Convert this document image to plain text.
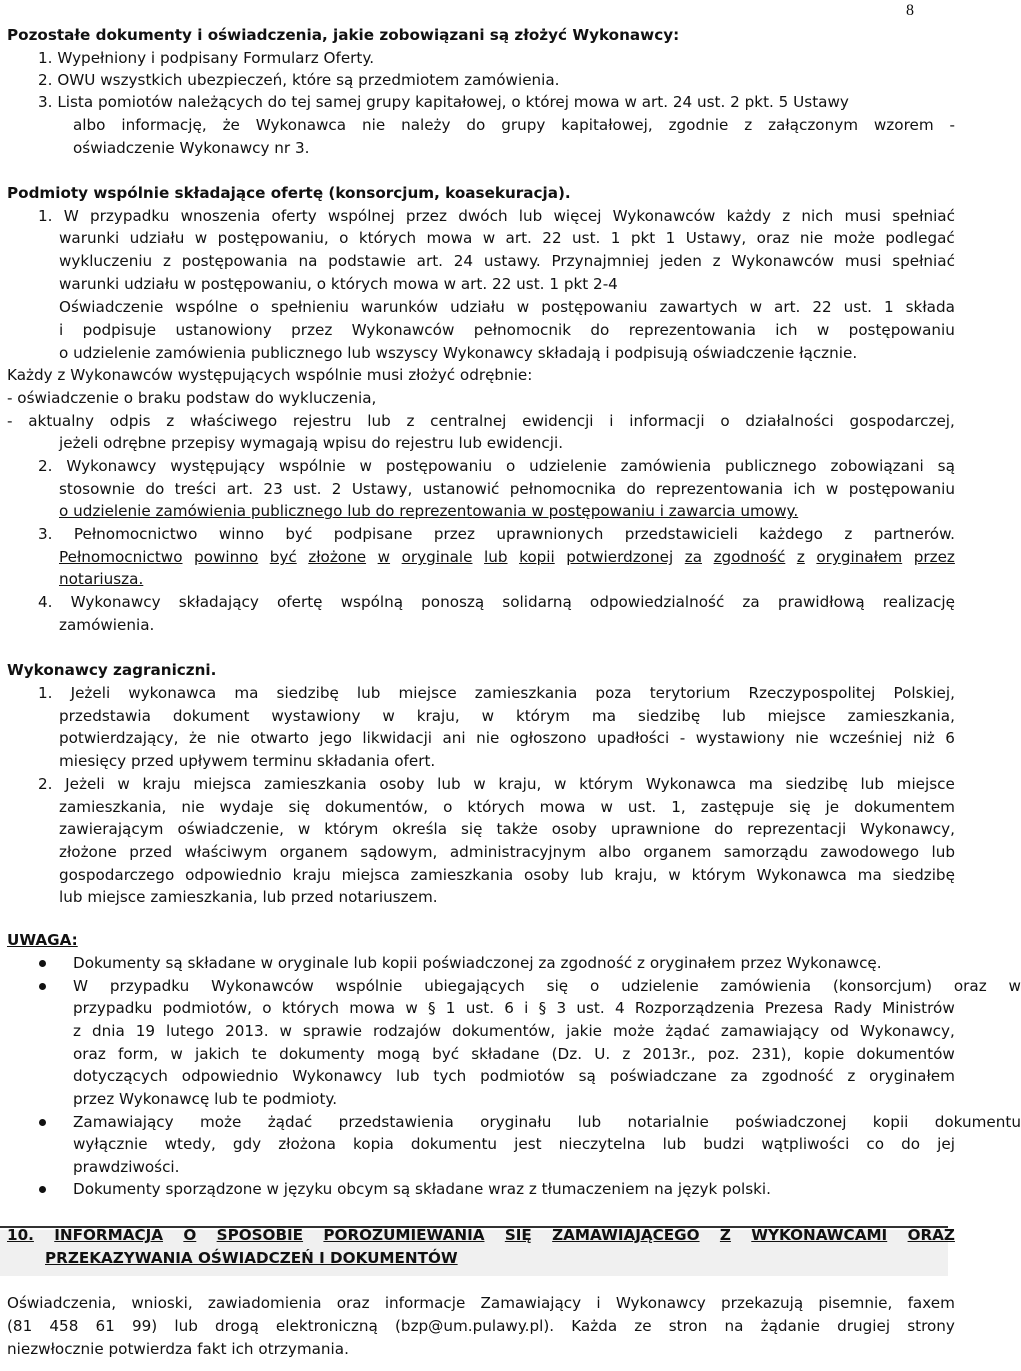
8
Pozostałe dokumenty i oświadczenia, jakie zobowiązani są złożyć Wykonawcy:
1. Wypełniony i podpisany Formularz Oferty.
2. OWU wszystkich ubezpieczeń, które są przedmiotem zamówienia.
3. Lista pomiotów należących do tej samej grupy kapitałowej, o której mowa w art. 24 ust. 2 pkt. 5 Ustawy
albo informację, że Wykonawca nie należy do grupy kapitałowej, zgodnie z załączonym wzorem -
oświadczenie Wykonawcy nr 3.
Podmioty wspólnie składające ofertę (konsorcjum, koasekuracja).
1. W przypadku wnoszenia oferty wspólnej przez dwóch lub więcej Wykonawców każdy z nich musi spełniać
warunki udziału w postępowaniu, o których mowa w art. 22 ust. 1 pkt 1 Ustawy, oraz nie może podlegać
wykluczeniu z postępowania na podstawie art. 24 ustawy. Przynajmniej jeden z Wykonawców musi spełniać
warunki udziału w postępowaniu, o których mowa w art. 22 ust. 1 pkt 2-4
Oświadczenie wspólne o spełnieniu warunków udziału w postępowaniu zawartych w art. 22 ust. 1 składa
i podpisuje ustanowiony przez Wykonawców pełnomocnik do reprezentowania ich w postępowaniu
o udzielenie zamówienia publicznego lub wszyscy Wykonawcy składają i podpisują oświadczenie łącznie.
Każdy z Wykonawców występujących wspólnie musi złożyć odrębnie:
- oświadczenie o braku podstaw do wykluczenia,
- aktualny odpis z właściwego rejestru lub z centralnej ewidencji i informacji o działalności gospodarczej,
jeżeli odrębne przepisy wymagają wpisu do rejestru lub ewidencji.
2. Wykonawcy występujący wspólnie w postępowaniu o udzielenie zamówienia publicznego zobowiązani są
stosownie do treści art. 23 ust. 2 Ustawy, ustanowić pełnomocnika do reprezentowania ich w postępowaniu
o udzielenie zamówienia publicznego lub do reprezentowania w postępowaniu i zawarcia umowy.
3. Pełnomocnictwo winno być podpisane przez uprawnionych przedstawicieli każdego z partnerów.
Pełnomocnictwo powinno być złożone w oryginale lub kopii potwierdzonej za zgodność z oryginałem przez
notariusza.
4. Wykonawcy składający ofertę wspólną ponoszą solidarną odpowiedzialność za prawidłową realizację
zamówienia.
Wykonawcy zagraniczni.
1. Jeżeli wykonawca ma siedzibę lub miejsce zamieszkania poza terytorium Rzeczypospolitej Polskiej,
przedstawia dokument wystawiony w kraju, w którym ma siedzibę lub miejsce zamieszkania,
potwierdzający, że nie otwarto jego likwidacji ani nie ogłoszono upadłości - wystawiony nie wcześniej niż 6
miesięcy przed upływem terminu składania ofert.
2. Jeżeli w kraju miejsca zamieszkania osoby lub w kraju, w którym Wykonawca ma siedzibę lub miejsce
zamieszkania, nie wydaje się dokumentów, o których mowa w ust. 1, zastępuje się je dokumentem
zawierającym oświadczenie, w którym określa się także osoby uprawnione do reprezentacji Wykonawcy,
złożone przed właściwym organem sądowym, administracyjnym albo organem samorządu zawodowego lub
gospodarczego odpowiednio kraju miejsca zamieszkania osoby lub kraju, w którym Wykonawca ma siedzibę
lub miejsce zamieszkania, lub przed notariuszem.
UWAGA:
Dokumenty są składane w oryginale lub kopii poświadczonej za zgodność z oryginałem przez Wykonawcę.
W przypadku Wykonawców wspólnie ubiegających się o udzielenie zamówienia (konsorcjum) oraz w
przypadku podmiotów, o których mowa w § 1 ust. 6 i § 3 ust. 4 Rozporządzenia Prezesa Rady Ministrów
z dnia 19 lutego 2013. w sprawie rodzajów dokumentów, jakie może żądać zamawiający od Wykonawcy,
oraz form, w jakich te dokumenty mogą być składane (Dz. U. z 2013r., poz. 231), kopie dokumentów
dotyczących odpowiednio Wykonawcy lub tych podmiotów są poświadczane za zgodność z oryginałem
przez Wykonawcę lub te podmioty.
Zamawiający może żądać przedstawienia oryginału lub notarialnie poświadczonej kopii dokumentu
wyłącznie wtedy, gdy złożona kopia dokumentu jest nieczytelna lub budzi wątpliwości co do jej
prawdziwości.
Dokumenty sporządzone w języku obcym są składane wraz z tłumaczeniem na język polski.
10. INFORMACJA O SPOSOBIE POROZUMIEWANIA SIĘ ZAMAWIAJĄCEGO Z WYKONAWCAMI ORAZ
PRZEKAZYWANIA OŚWIADCZEŃ I DOKUMENTÓW
Oświadczenia, wnioski, zawiadomienia oraz informacje Zamawiający i Wykonawcy przekazują pisemnie, faxem
(81 458 61 99) lub drogą elektroniczną (bzp@um.pulawy.pl). Każda ze stron na żądanie drugiej strony
niezwłocznie potwierdza fakt ich otrzymania.
